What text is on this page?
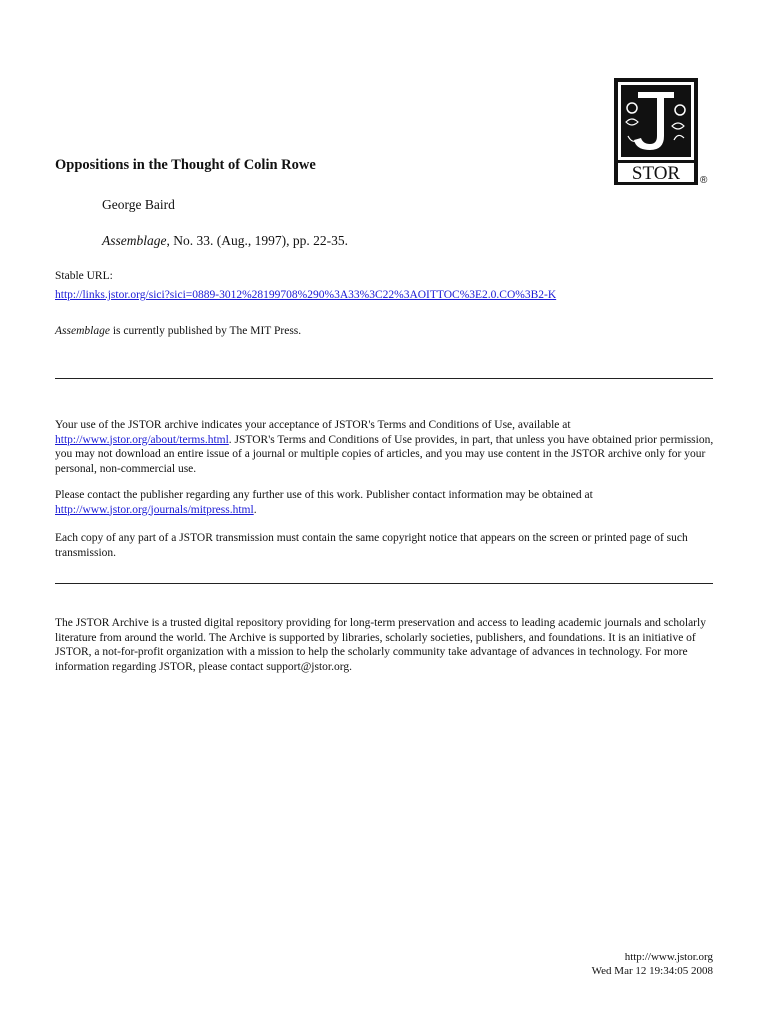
STOR ®
Oppositions in the Thought of Colin Rowe
George Baird
Assemblage, No. 33. (Aug., 1997), pp. 22-35.
Stable URL:
http://links.jstor.org/sici?sici=0889-3012%28199708%290%3A33%3C22%3AOITTOC%3E2.0.CO%3B2-K
Assemblage is currently published by The MIT Press.

Your use of the JSTOR archive indicates your acceptance of JSTOR's Terms and Conditions of Use, available at
http://www.jstor.org/about/terms.html. JSTOR's Terms and Conditions of Use provides, in part, that unless you have obtained prior permission, you may not download an entire issue of a journal or multiple copies of articles, and you may use content in the JSTOR archive only for your personal, non-commercial use.

Please contact the publisher regarding any further use of this work. Publisher contact information may be obtained at
http://www.jstor.org/journals/mitpress.html.

Each copy of any part of a JSTOR transmission must contain the same copyright notice that appears on the screen or printed page of such transmission.

The JSTOR Archive is a trusted digital repository providing for long-term preservation and access to leading academic journals and scholarly literature from around the world. The Archive is supported by libraries, scholarly societies, publishers, and foundations. It is an initiative of JSTOR, a not-for-profit organization with a mission to help the scholarly community take advantage of advances in technology. For more information regarding JSTOR, please contact support@jstor.org.

http://www.jstor.org
Wed Mar 12 19:34:05 2008
